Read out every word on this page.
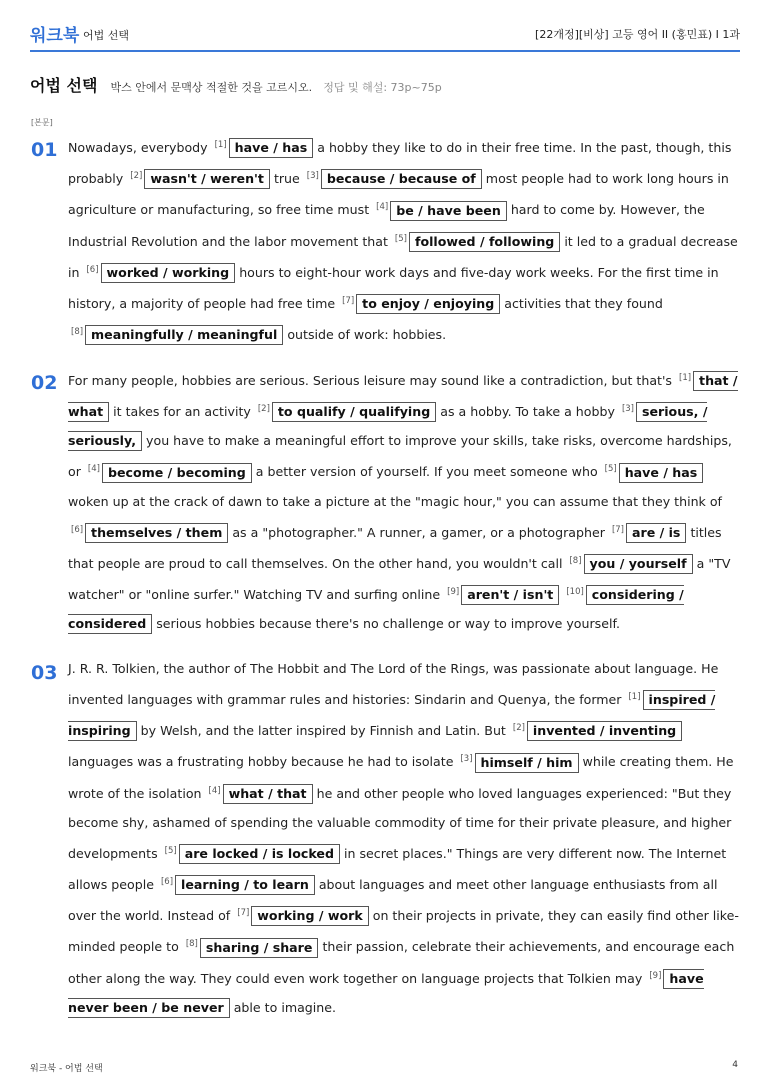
워크북 어법 선택	[22개정][비상] 고등 영어 II (홍민표) I 1과
어법 선택 박스 안에서 문맥상 적절한 것을 고르시오. 정답 및 해설: 73p~75p
[본문]
01 Nowadays, everybody [1] have / has a hobby they like to do in their free time. In the past, though, this probably [2] wasn't / weren't true [3] because / because of most people had to work long hours in agriculture or manufacturing, so free time must [4] be / have been hard to come by. However, the Industrial Revolution and the labor movement that [5] followed / following it led to a gradual decrease in [6] worked / working hours to eight-hour work days and five-day work weeks. For the first time in history, a majority of people had free time [7] to enjoy / enjoying activities that they found [8] meaningfully / meaningful outside of work: hobbies.

02 For many people, hobbies are serious. Serious leisure may sound like a contradiction, but that's [1] that / what it takes for an activity [2] to qualify / qualifying as a hobby. To take a hobby [3] serious, / seriously, you have to make a meaningful effort to improve your skills, take risks, overcome hardships, or [4] become / becoming a better version of yourself. If you meet someone who [5] have / has woken up at the crack of dawn to take a picture at the "magic hour," you can assume that they think of [6] themselves / them as a "photographer." A runner, a gamer, or a photographer [7] are / is titles that people are proud to call themselves. On the other hand, you wouldn't call [8] you / yourself a "TV watcher" or "online surfer." Watching TV and surfing online [9] aren't / isn't [10] considering / considered serious hobbies because there's no challenge or way to improve yourself.

03 J. R. R. Tolkien, the author of The Hobbit and The Lord of the Rings, was passionate about language. He invented languages with grammar rules and histories: Sindarin and Quenya, the former [1] inspired / inspiring by Welsh, and the latter inspired by Finnish and Latin. But [2] invented / inventing languages was a frustrating hobby because he had to isolate [3] himself / him while creating them. He wrote of the isolation [4] what / that he and other people who loved languages experienced: "But they become shy, ashamed of spending the valuable commodity of time for their private pleasure, and higher developments [5] are locked / is locked in secret places." Things are very different now. The Internet allows people [6] learning / to learn about languages and meet other language enthusiasts from all over the world. Instead of [7] working / work on their projects in private, they can easily find other like-minded people to [8] sharing / share their passion, celebrate their achievements, and encourage each other along the way. They could even work together on language projects that Tolkien may [9] have never been / be never able to imagine.

워크북 - 어법 선택	4
